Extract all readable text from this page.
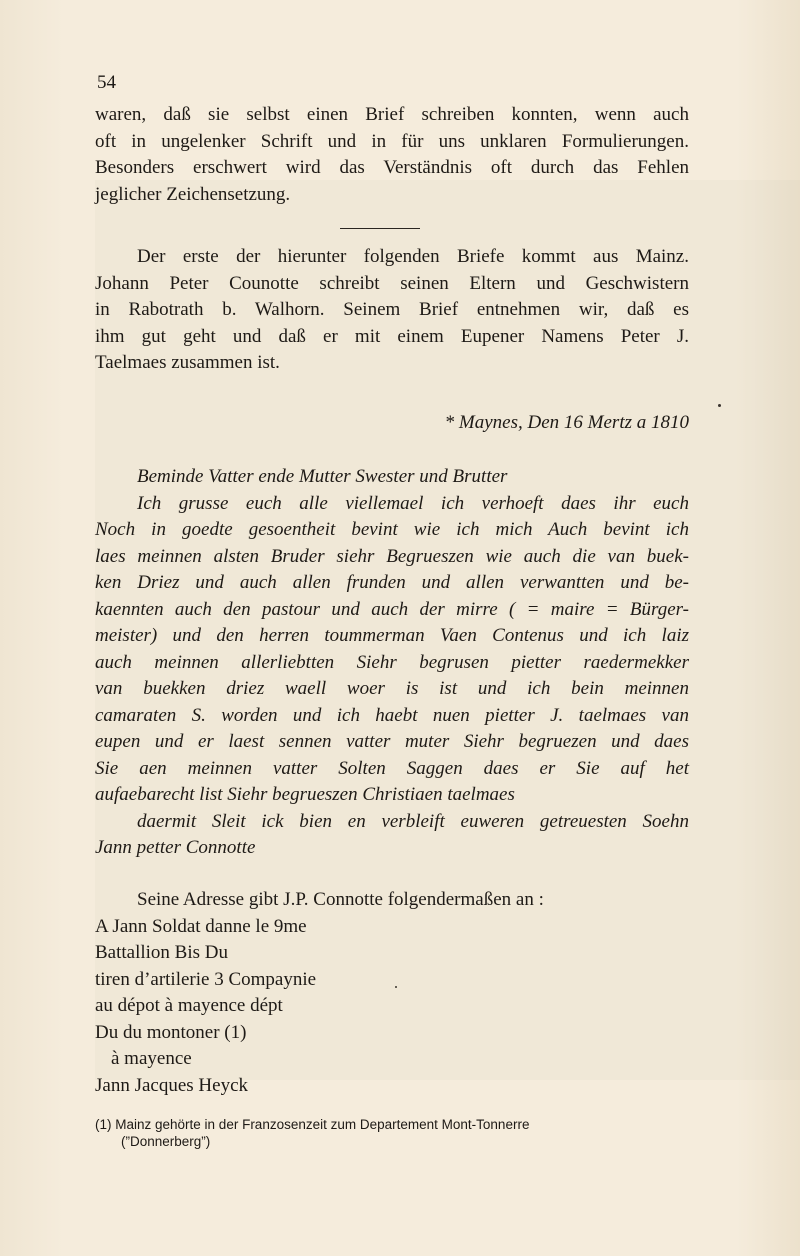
54
waren, daß sie selbst einen Brief schreiben konnten, wenn auch
oft in ungelenker Schrift und in für uns unklaren Formulierungen.
Besonders erschwert wird das Verständnis oft durch das Fehlen
jeglicher Zeichensetzung.
Der erste der hierunter folgenden Briefe kommt aus Mainz.
Johann Peter Counotte schreibt seinen Eltern und Geschwistern
in Rabotrath b. Walhorn. Seinem Brief entnehmen wir, daß es
ihm gut geht und daß er mit einem Eupener Namens Peter J.
Taelmaes zusammen ist.
* Maynes, Den 16 Mertz a 1810
Beminde Vatter ende Mutter Swester und Brutter
Ich grusse euch alle viellemael ich verhoeft daes ihr euch
Noch in goedte gesoentheit bevint wie ich mich Auch bevint ich
laes meinnen alsten Bruder siehr Begrueszen wie auch die van buek-
ken Driez und auch allen frunden und allen verwantten und be-
kaennten auch den pastour und auch der mirre ( = maire = Bürger-
meister) und den herren toummerman Vaen Contenus und ich laiz
auch meinnen allerliebtten Siehr begrusen pietter raedermekker
van buekken driez waell woer is ist und ich bein meinnen
camaraten S. worden und ich haebt nuen pietter J. taelmaes van
eupen und er laest sennen vatter muter Siehr begruezen und daes
Sie aen meinnen vatter Solten Saggen daes er Sie auf het
aufaebarecht list Siehr begrueszen Christiaen taelmaes
daermit Sleit ick bien en verbleift euweren getreuesten Soehn
Jann petter Connotte
Seine Adresse gibt J.P. Connotte folgendermaßen an :
A Jann Soldat danne le 9me
Battallion Bis Du
tiren d’artilerie 3 Compaynie
au dépot à mayence dépt
Du du montoner (1)
à mayence
Jann Jacques Heyck
(1) Mainz gehörte in der Franzosenzeit zum Departement Mont-Tonnerre
(”Donnerberg”)
